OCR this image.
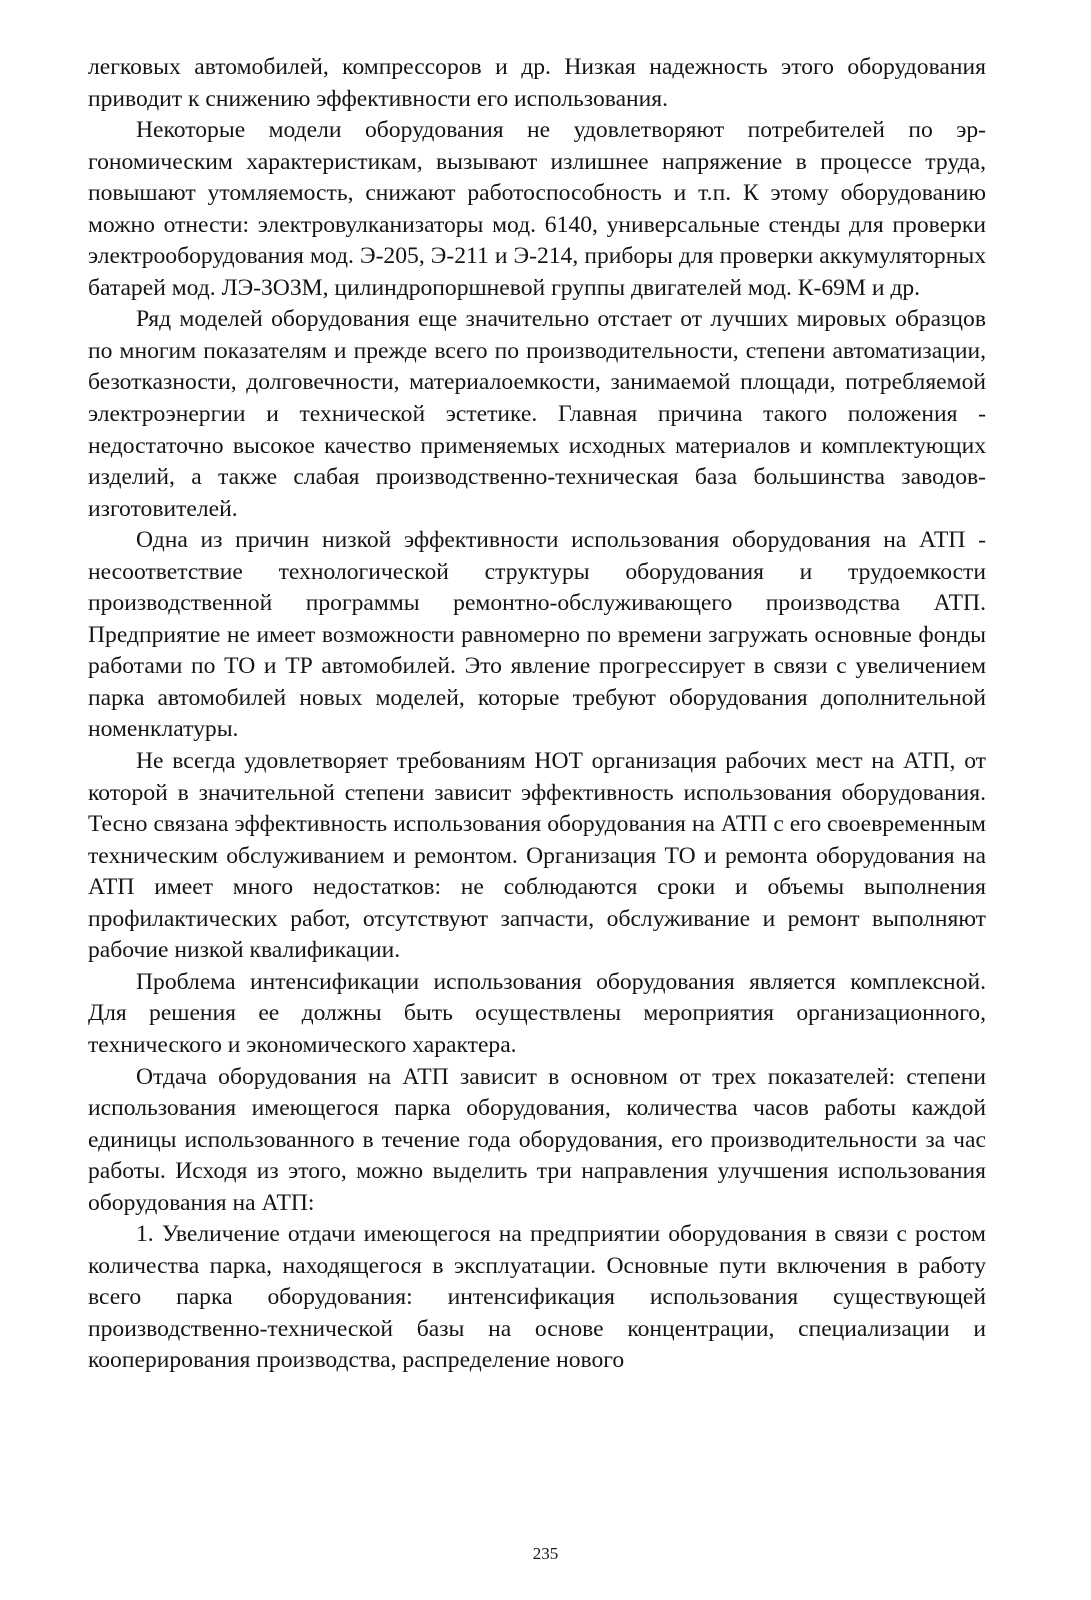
легковых автомобилей, компрессоров и др. Низкая надежность этого оборудования приводит к снижению эффективности его использования.

Некоторые модели оборудования не удовлетворяют потребителей по эргономическим характеристикам, вызывают излишнее напряжение в процессе труда, повышают утомляемость, снижают работоспособность и т.п. К этому оборудованию можно отнести: электровулканизаторы мод. 6140, универсальные стенды для проверки электрооборудования мод. Э-205, Э-211 и Э-214, приборы для проверки аккумуляторных батарей мод. ЛЭ-3О3М, цилиндропоршневой группы двигателей мод. К-69М и др.

Ряд моделей оборудования еще значительно отстает от лучших мировых образцов по многим показателям и прежде всего по производительности, степени автоматизации, безотказности, долговечности, материалоемкости, занимаемой площади, потребляемой электроэнергии и технической эстетике. Главная причина такого положения - недостаточно высокое качество применяемых исходных материалов и комплектующих изделий, а также слабая производственно-техническая база большинства заводов-изготовителей.

Одна из причин низкой эффективности использования оборудования на АТП - несоответствие технологической структуры оборудования и трудоемкости производственной программы ремонтно-обслуживающего производства АТП. Предприятие не имеет возможности равномерно по времени загружать основные фонды работами по ТО и ТР автомобилей. Это явление прогрессирует в связи с увеличением парка автомобилей новых моделей, которые требуют оборудования дополнительной номенклатуры.

Не всегда удовлетворяет требованиям НОТ организация рабочих мест на АТП, от которой в значительной степени зависит эффективность использования оборудования. Тесно связана эффективность использования оборудования на АТП с его своевременным техническим обслуживанием и ремонтом. Организация ТО и ремонта оборудования на АТП имеет много недостатков: не соблюдаются сроки и объемы выполнения профилактических работ, отсутствуют запчасти, обслуживание и ремонт выполняют рабочие низкой квалификации.

Проблема интенсификации использования оборудования является комплексной. Для решения ее должны быть осуществлены мероприятия организационного, технического и экономического характера.

Отдача оборудования на АТП зависит в основном от трех показателей: степени использования имеющегося парка оборудования, количества часов работы каждой единицы использованного в течение года оборудования, его производительности за час работы. Исходя из этого, можно выделить три направления улучшения использования оборудования на АТП:

1. Увеличение отдачи имеющегося на предприятии оборудования в связи с ростом количества парка, находящегося в эксплуатации. Основные пути включения в работу всего парка оборудования: интенсификация использования существующей производственно-технической базы на основе концентрации, специализации и кооперирования производства, распределение нового

235
